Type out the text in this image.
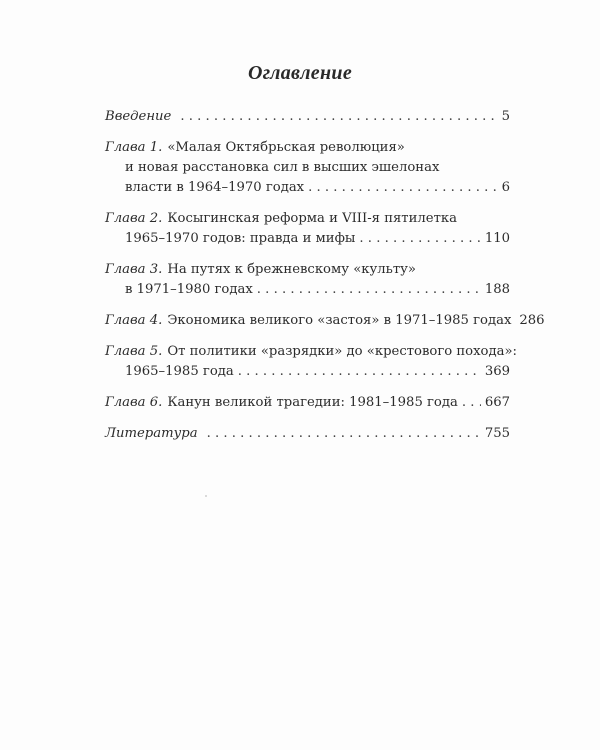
Оглавление
Введение . . .	5
Глава 1. «Малая Октябрьская революция»
и новая расстановка сил в высших эшелонах
власти в 1964–1970 годах . . .	6
Глава 2. Косыгинская реформа и VIII-я пятилетка
1965–1970 годов: правда и мифы . . .	110
Глава 3. На путях к брежневскому «культу»
в 1971–1980 годах . . .	188
Глава 4. Экономика великого «застоя» в 1971–1985 годах 286
Глава 5. От политики «разрядки» до «крестового похода»:
1965–1985 года . . .	369
Глава 6. Канун великой трагедии: 1981–1985 года . . . 667
Литература . . .	755
